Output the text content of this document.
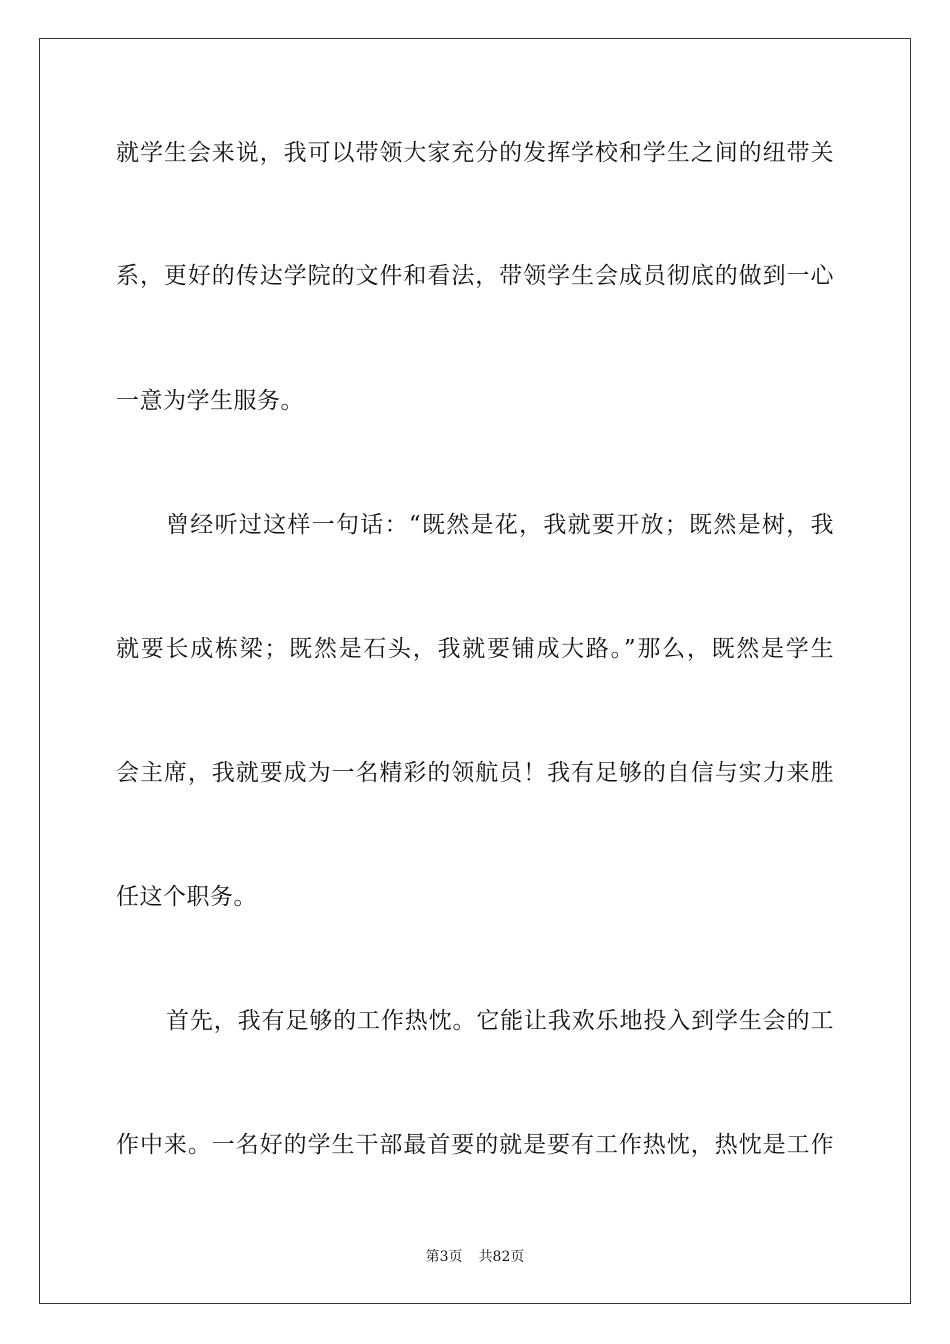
就学生会来说，我可以带领大家充分的发挥学校和学生之间的纽带关
系，更好的传达学院的文件和看法，带领学生会成员彻底的做到一心
一意为学生服务。
曾经听过这样一句话：“既然是花，我就要开放；既然是树，我
就要长成栋梁；既然是石头，我就要铺成大路。”那么，既然是学生
会主席，我就要成为一名精彩的领航员！我有足够的自信与实力来胜
任这个职务。
首先，我有足够的工作热忱。它能让我欢乐地投入到学生会的工
作中来。一名好的学生干部最首要的就是要有工作热忱，热忱是工作
第3页 共82页
